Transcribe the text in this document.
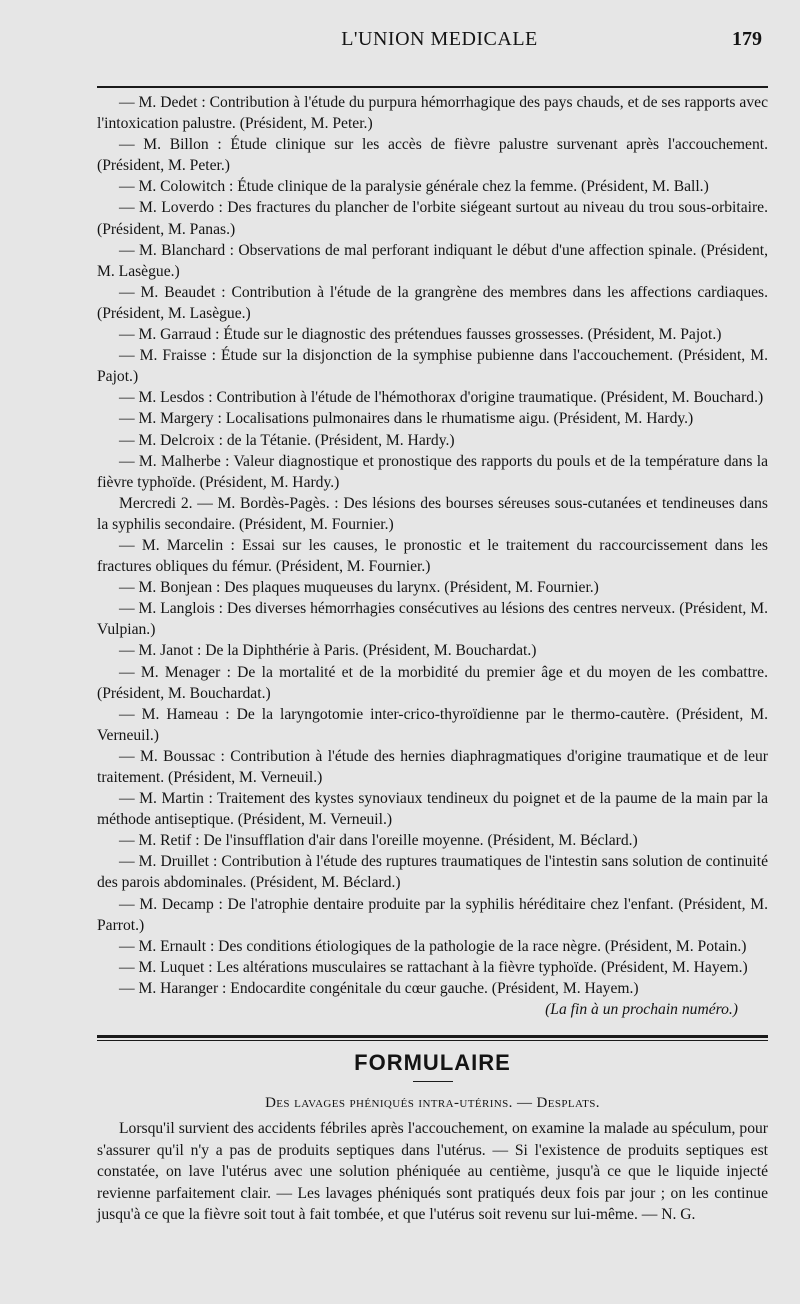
L'UNION MEDICALE	179

— M. Dedet : Contribution à l'étude du purpura hémorrhagique des pays chauds, et de ses rapports avec l'intoxication palustre. (Président, M. Peter.)

— M. Billon : Étude clinique sur les accès de fièvre palustre survenant après l'accouchement. (Président, M. Peter.)

— M. Colowitch : Étude clinique de la paralysie générale chez la femme. (Président, M. Ball.)

— M. Loverdo : Des fractures du plancher de l'orbite siégeant surtout au niveau du trou sous-orbitaire. (Président, M. Panas.)

— M. Blanchard : Observations de mal perforant indiquant le début d'une affection spinale. (Président, M. Lasègue.)

— M. Beaudet : Contribution à l'étude de la grangrène des membres dans les affections cardiaques. (Président, M. Lasègue.)

— M. Garraud : Étude sur le diagnostic des prétendues fausses grossesses. (Président, M. Pajot.)

— M. Fraisse : Étude sur la disjonction de la symphise pubienne dans l'accouchement. (Président, M. Pajot.)

— M. Lesdos : Contribution à l'étude de l'hémothorax d'origine traumatique. (Président, M. Bouchard.)

— M. Margery : Localisations pulmonaires dans le rhumatisme aigu. (Président, M. Hardy.)

— M. Delcroix : de la Tétanie. (Président, M. Hardy.)

— M. Malherbe : Valeur diagnostique et pronostique des rapports du pouls et de la température dans la fièvre typhoïde. (Président, M. Hardy.)

Mercredi 2. — M. Bordès-Pagès. : Des lésions des bourses séreuses sous-cutanées et tendineuses dans la syphilis secondaire. (Président, M. Fournier.)

— M. Marcelin : Essai sur les causes, le pronostic et le traitement du raccourcissement dans les fractures obliques du fémur. (Président, M. Fournier.)

— M. Bonjean : Des plaques muqueuses du larynx. (Président, M. Fournier.)

— M. Langlois : Des diverses hémorrhagies consécutives au lésions des centres nerveux. (Président, M. Vulpian.)

— M. Janot : De la Diphthérie à Paris. (Président, M. Bouchardat.)

— M. Menager : De la mortalité et de la morbidité du premier âge et du moyen de les combattre. (Président, M. Bouchardat.)

— M. Hameau : De la laryngotomie inter-crico-thyroïdienne par le thermo-cautère. (Président, M. Verneuil.)

— M. Boussac : Contribution à l'étude des hernies diaphragmatiques d'origine traumatique et de leur traitement. (Président, M. Verneuil.)

— M. Martin : Traitement des kystes synoviaux tendineux du poignet et de la paume de la main par la méthode antiseptique. (Président, M. Verneuil.)

— M. Retif : De l'insufflation d'air dans l'oreille moyenne. (Président, M. Béclard.)

— M. Druillet : Contribution à l'étude des ruptures traumatiques de l'intestin sans solution de continuité des parois abdominales. (Président, M. Béclard.)

— M. Decamp : De l'atrophie dentaire produite par la syphilis héréditaire chez l'enfant. (Président, M. Parrot.)

— M. Ernault : Des conditions étiologiques de la pathologie de la race nègre. (Président, M. Potain.)

— M. Luquet : Les altérations musculaires se rattachant à la fièvre typhoïde. (Président, M. Hayem.)

— M. Haranger : Endocardite congénitale du cœur gauche. (Président, M. Hayem.)

(La fin à un prochain numéro.)
FORMULAIRE
Des lavages phéniqués intra-utérins. — Desplats.

Lorsqu'il survient des accidents fébriles après l'accouchement, on examine la malade au spéculum, pour s'assurer qu'il n'y a pas de produits septiques dans l'utérus. — Si l'existence de produits septiques est constatée, on lave l'utérus avec une solution phéniquée au centième, jusqu'à ce que le liquide injecté revienne parfaitement clair. — Les lavages phéniqués sont pratiqués deux fois par jour ; on les continue jusqu'à ce que la fièvre soit tout à fait tombée, et que l'utérus soit revenu sur lui-même. — N. G.
